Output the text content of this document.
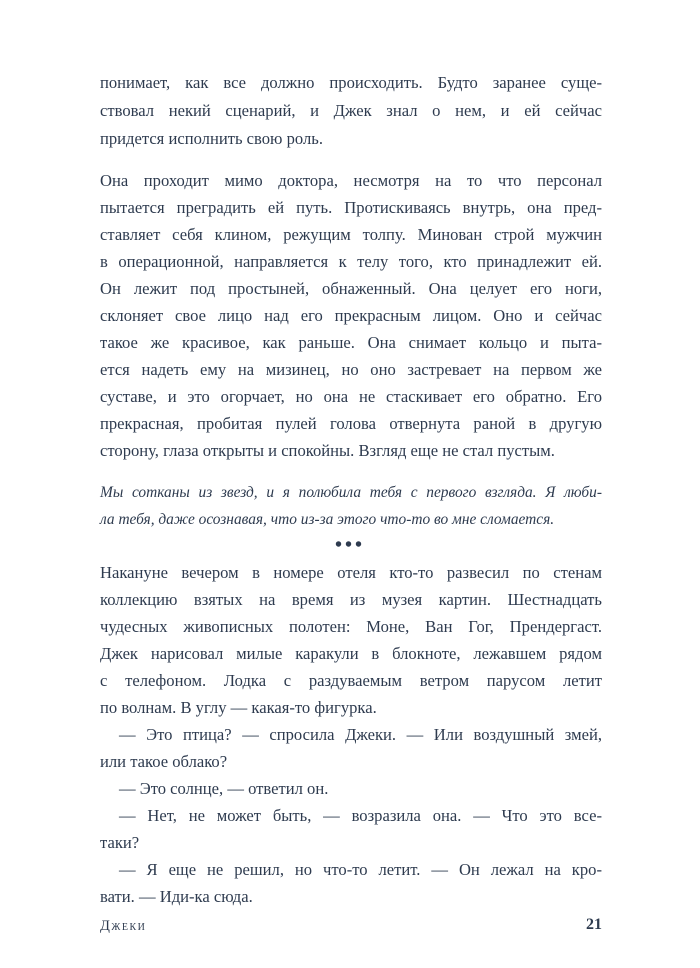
понимает, как все должно происходить. Будто заранее суще-
ствовал некий сценарий, и Джек знал о нем, и ей сейчас
придется исполнить свою роль.
Она проходит мимо доктора, несмотря на то что персонал
пытается преградить ей путь. Протискиваясь внутрь, она пред-
ставляет себя клином, режущим толпу. Минован строй мужчин
в операционной, направляется к телу того, кто принадлежит ей.
Он лежит под простыней, обнаженный. Она целует его ноги,
склоняет свое лицо над его прекрасным лицом. Оно и сейчас
такое же красивое, как раньше. Она снимает кольцо и пыта-
ется надеть ему на мизинец, но оно застревает на первом же
суставе, и это огорчает, но она не стаскивает его обратно. Его
прекрасная, пробитая пулей голова отвернута раной в другую
сторону, глаза открыты и спокойны. Взгляд еще не стал пустым.
Мы сотканы из звезд, и я полюбила тебя с первого взгляда. Я люби-
ла тебя, даже осознавая, что из-за этого что-то во мне сломается.
•••
Накануне вечером в номере отеля кто-то развесил по стенам
коллекцию взятых на время из музея картин. Шестнадцать
чудесных живописных полотен: Моне, Ван Гог, Прендергаст.
Джек нарисовал милые каракули в блокноте, лежавшем рядом
с телефоном. Лодка с раздуваемым ветром парусом летит
по волнам. В углу — какая-то фигурка.
— Это птица? — спросила Джеки. — Или воздушный змей,
или такое облако?
— Это солнце, — ответил он.
— Нет, не может быть, — возразила она. — Что это все-
таки?
— Я еще не решил, но что-то летит. — Он лежал на кро-
вати. — Иди-ка сюда.
Джеки	21
